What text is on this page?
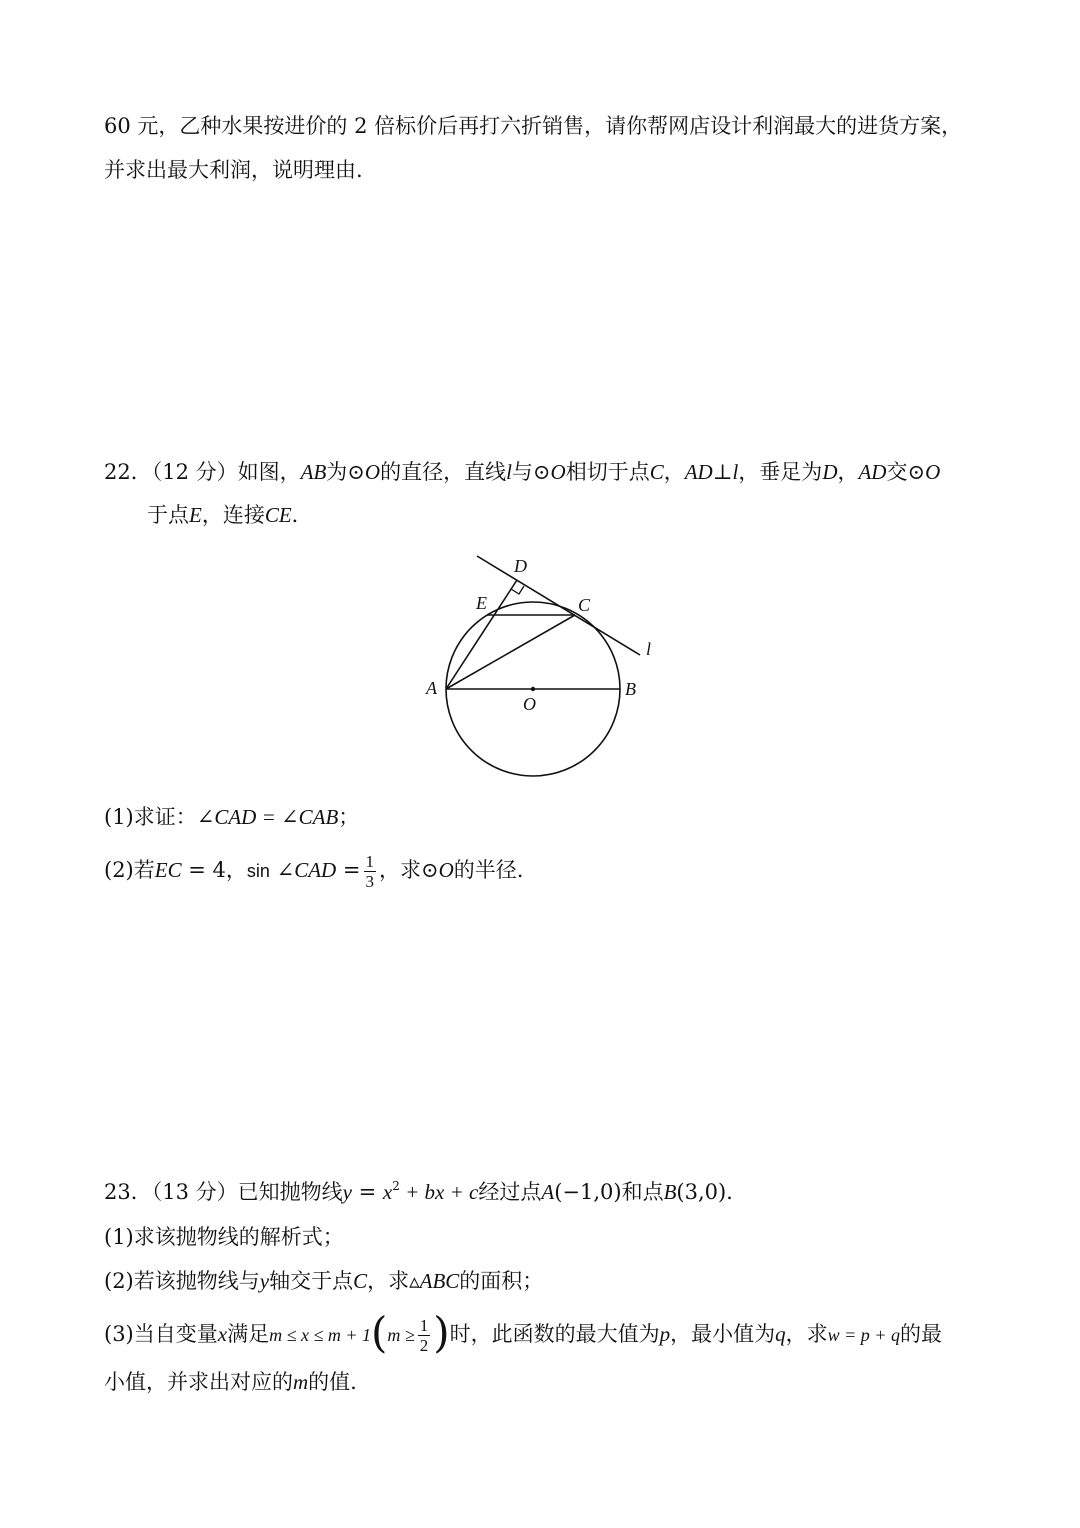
60 元，乙种水果按进价的 2 倍标价后再打六折销售，请你帮网店设计利润最大的进货方案，
并求出最大利润，说明理由.
22．（12 分）如图，AB为⊙O的直径，直线l与⊙O相切于点C，AD⊥l，垂足为D，AD交⊙O
于点E，连接CE．
D
E	C
l
A	B
O
(1)求证：∠CAD = ∠CAB；
(2)若EC = 4，sin ∠CAD = $\frac{1}{3}$ ，求⊙O的半径.
23．（13 分）已知抛物线$y = x^2$ + bx + c经过点A(−1,0)和点B(3,0)．
(1)求该抛物线的解析式；
(2)若该抛物线与y轴交于点C，求▵ABC的面积；
(3)当自变量x满足$m \le x \le m + 1(m \ge \frac{1}{2}$ )时，此函数的最大值为p，最小值为q，求w = p + q的最
小值，并求出对应的m的值.
